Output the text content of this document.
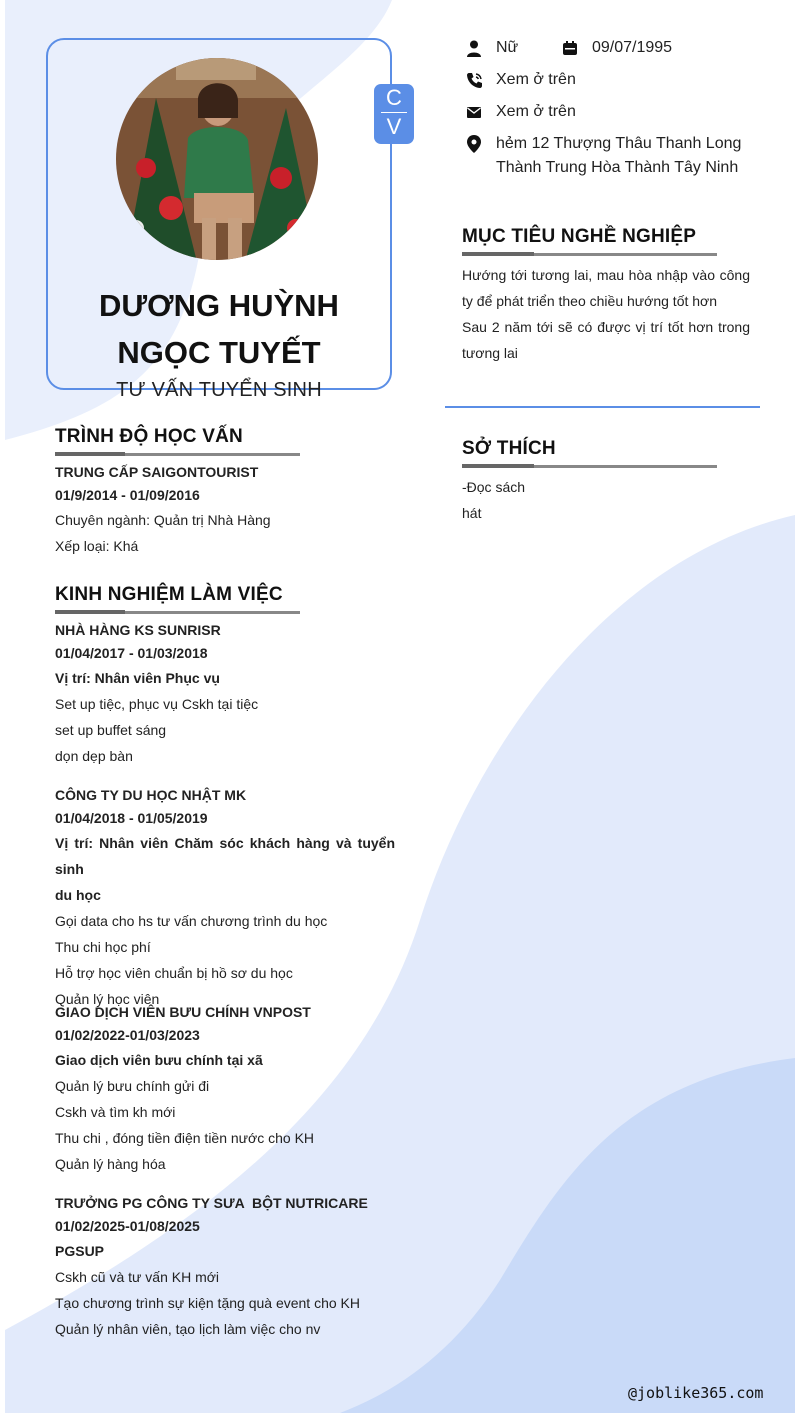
C
V
DƯƠNG HUỲNH
NGỌC TUYẾT
TƯ VẤN TUYỂN SINH
Nữ	09/07/1995
Xem ở trên
Xem ở trên
hẻm 12 Thượng Thâu Thanh Long
Thành Trung Hòa Thành Tây Ninh
MỤC TIÊU NGHỀ NGHIỆP
Hướng tới tương lai, mau hòa nhập vào công
ty để phát triển theo chiều hướng tốt hơn
Sau 2 năm tới sẽ có được vị trí tốt hơn trong
tương lai
SỞ THÍCH
-Đọc sách
hát
TRÌNH ĐỘ HỌC VẤN
TRUNG CẤP SAIGONTOURIST
01/9/2014 - 01/09/2016
Chuyên ngành: Quản trị Nhà Hàng
Xếp loại: Khá
KINH NGHIỆM LÀM VIỆC
NHÀ HÀNG KS SUNRISR
01/04/2017 - 01/03/2018
Vị trí: Nhân viên Phục vụ
Set up tiệc, phục vụ Cskh tại tiệc
set up buffet sáng
dọn dẹp bàn
CÔNG TY DU HỌC NHẬT MK
01/04/2018 - 01/05/2019
Vị trí: Nhân viên Chăm sóc khách hàng và tuyển sinh
du học
Gọi data cho hs tư vấn chương trình du học
Thu chi học phí
Hỗ trợ học viên chuẩn bị hồ sơ du học
Quản lý học viên
GIAO DỊCH VIÊN BƯU CHÍNH VNPOST
01/02/2022-01/03/2023
Giao dịch viên bưu chính tại xã
Quản lý bưu chính gửi đi
Cskh và tìm kh mới
Thu chi , đóng tiền điện tiền nước cho KH
Quản lý hàng hóa
TRƯỞNG PG CÔNG TY SƯA  BỘT NUTRICARE
01/02/2025-01/08/2025
PGSUP
Cskh cũ và tư vấn KH mới
Tạo chương trình sự kiện tặng quà event cho KH
Quản lý nhân viên, tạo lịch làm việc cho nv
@joblike365.com
